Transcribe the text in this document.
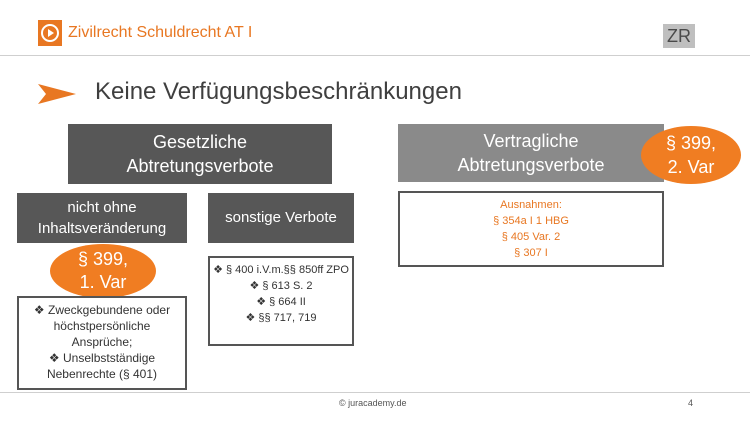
Zivilrecht Schuldrecht AT I	ZR
Keine Verfügungsbeschränkungen
Gesetzliche
Abtretungsverbote
Vertragliche
Abtretungsverbote
§ 399,
2. Var
nicht ohne
Inhaltsveränderung
sonstige Verbote
§ 399,
1. Var
Ausnahmen:
§ 354a I 1 HBG
§ 405 Var. 2
§ 307 I
❖ § 400 i.V.m.§§ 850ff ZPO
❖ § 613 S. 2
❖ § 664 II
❖ §§ 717, 719
❖ Zweckgebundene oder
höchstpersönliche
Ansprüche;
❖ Unselbstständige
Nebenrechte (§ 401)
© juracademy.de	4
